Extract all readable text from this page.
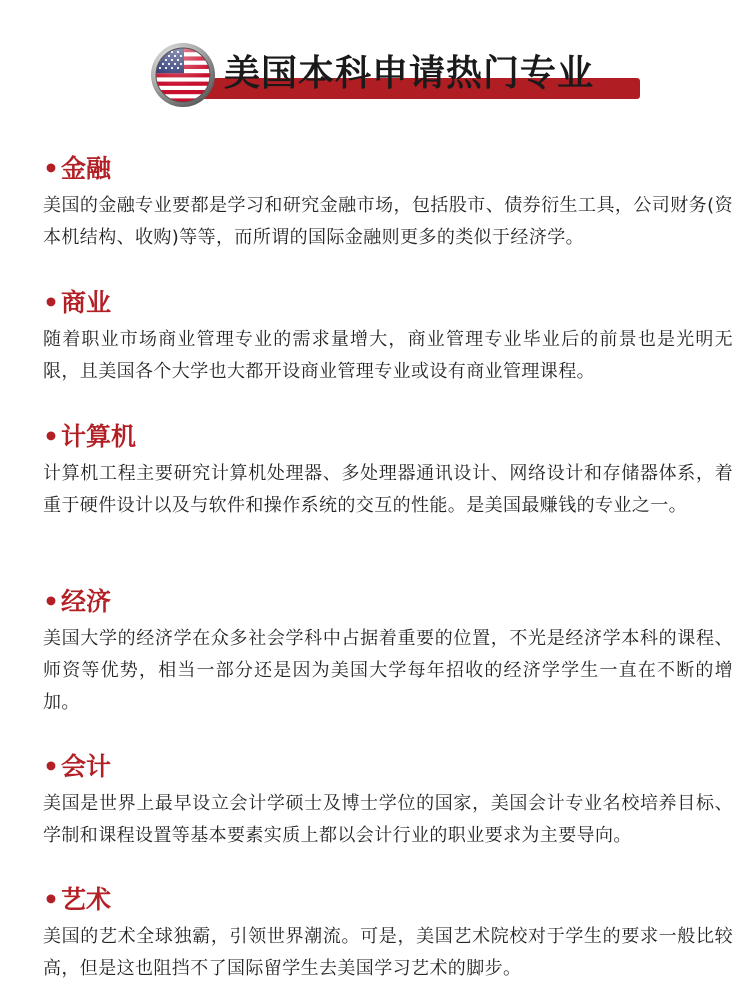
美国本科申请热门专业
•金融
美国的金融专业要都是学习和研究金融市场，包括股市、债券衍生工具，公司财务(资本机结构、收购)等等，而所谓的国际金融则更多的类似于经济学。
•商业
随着职业市场商业管理专业的需求量增大，商业管理专业毕业后的前景也是光明无限，且美国各个大学也大都开设商业管理专业或设有商业管理课程。
•计算机
计算机工程主要研究计算机处理器、多处理器通讯设计、网络设计和存储器体系，着重于硬件设计以及与软件和操作系统的交互的性能。是美国最赚钱的专业之一。
•经济
美国大学的经济学在众多社会学科中占据着重要的位置，不光是经济学本科的课程、师资等优势，相当一部分还是因为美国大学每年招收的经济学学生一直在不断的增加。
•会计
美国是世界上最早设立会计学硕士及博士学位的国家，美国会计专业名校培养目标、学制和课程设置等基本要素实质上都以会计行业的职业要求为主要导向。
•艺术
美国的艺术全球独霸，引领世界潮流。可是，美国艺术院校对于学生的要求一般比较高，但是这也阻挡不了国际留学生去美国学习艺术的脚步。
